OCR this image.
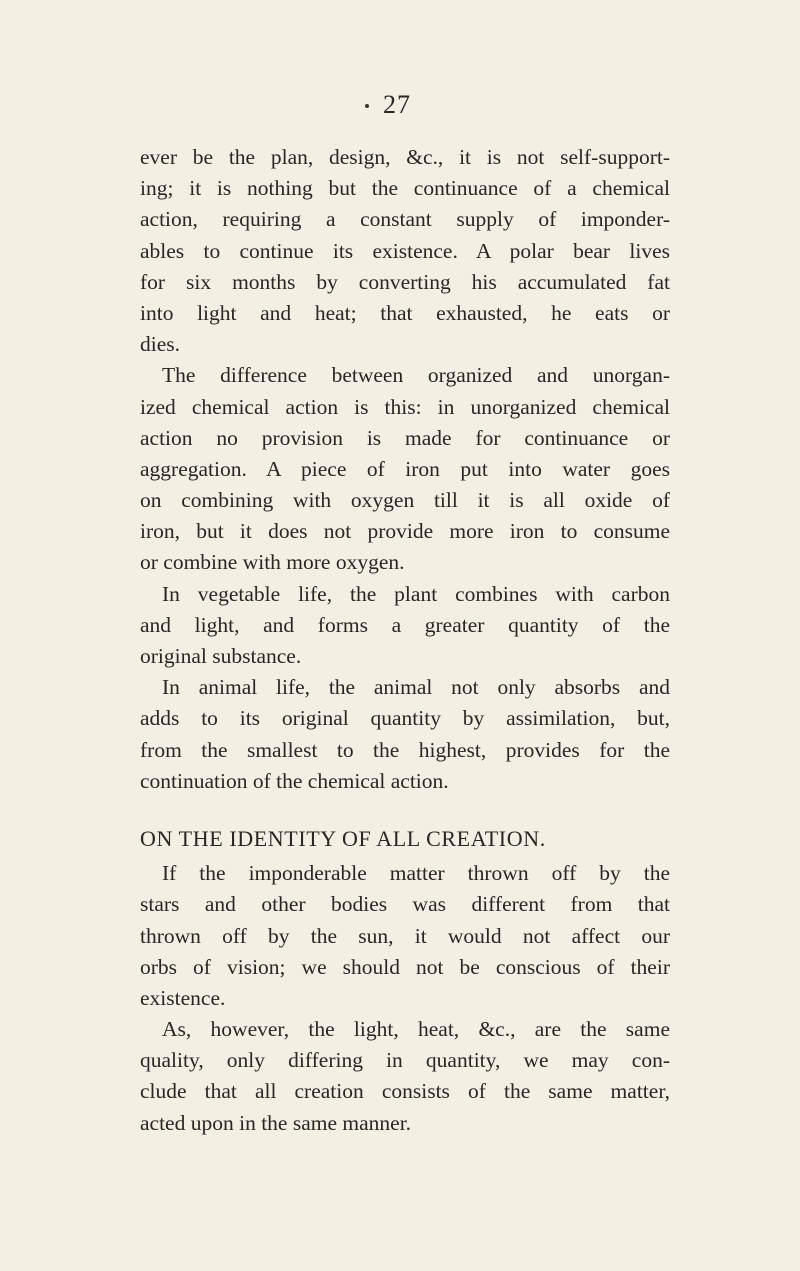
27
ever be the plan, design, &c., it is not self-support-
ing; it is nothing but the continuance of a chemical
action, requiring a constant supply of imponder-
ables to continue its existence. A polar bear lives
for six months by converting his accumulated fat
into light and heat; that exhausted, he eats or
dies.
The difference between organized and unorgan-
ized chemical action is this: in unorganized chemical
action no provision is made for continuance or
aggregation. A piece of iron put into water goes
on combining with oxygen till it is all oxide of
iron, but it does not provide more iron to consume
or combine with more oxygen.
In vegetable life, the plant combines with carbon
and light, and forms a greater quantity of the
original substance.
In animal life, the animal not only absorbs and
adds to its original quantity by assimilation, but,
from the smallest to the highest, provides for the
continuation of the chemical action.
ON THE IDENTITY OF ALL CREATION.
If the imponderable matter thrown off by the
stars and other bodies was different from that
thrown off by the sun, it would not affect our
orbs of vision; we should not be conscious of their
existence.
As, however, the light, heat, &c., are the same
quality, only differing in quantity, we may con-
clude that all creation consists of the same matter,
acted upon in the same manner.
